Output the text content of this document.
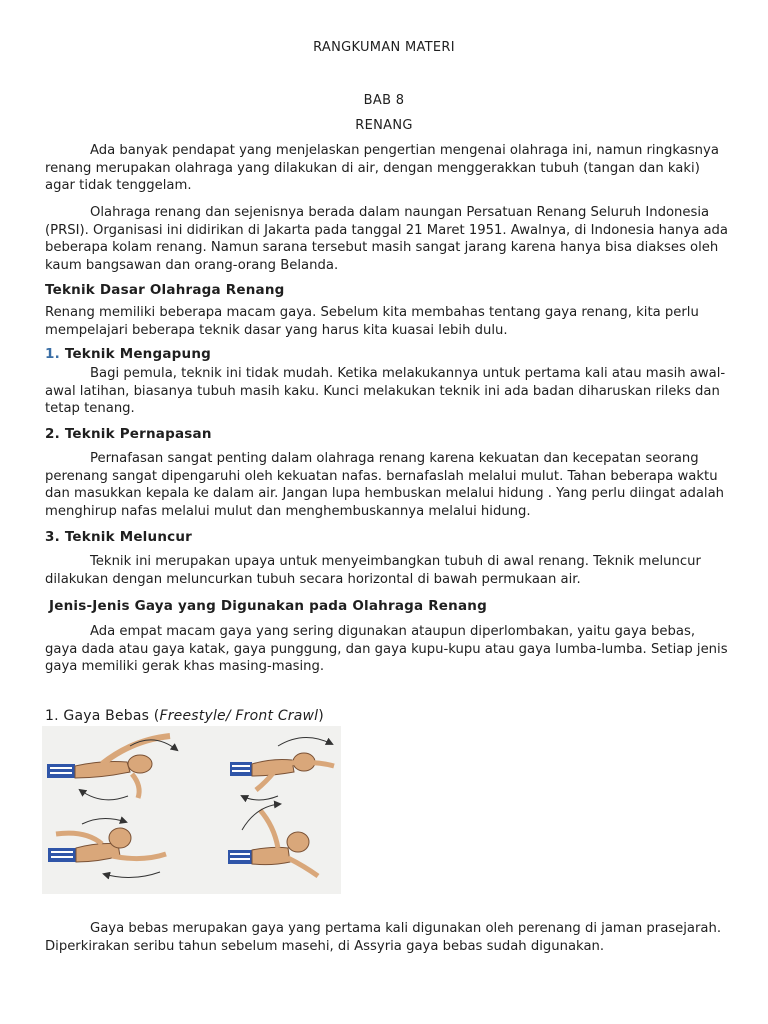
RANGKUMAN MATERI
BAB 8
RENANG
Ada banyak pendapat yang menjelaskan pengertian mengenai olahraga ini, namun ringkasnya renang merupakan olahraga yang dilakukan di air, dengan menggerakkan tubuh (tangan dan kaki) agar tidak tenggelam.
Olahraga renang dan sejenisnya berada dalam naungan Persatuan Renang Seluruh Indonesia (PRSI). Organisasi ini didirikan di Jakarta pada tanggal 21 Maret 1951. Awalnya, di Indonesia hanya ada beberapa kolam renang. Namun sarana tersebut masih sangat jarang karena hanya bisa diakses oleh kaum bangsawan dan orang-orang Belanda.
Teknik Dasar Olahraga Renang
Renang memiliki beberapa macam gaya. Sebelum kita membahas tentang gaya renang, kita perlu mempelajari beberapa teknik dasar yang harus kita kuasai lebih dulu.
1. Teknik Mengapung
Bagi pemula, teknik ini tidak mudah. Ketika melakukannya untuk pertama kali atau masih awal-awal latihan, biasanya tubuh masih kaku. Kunci melakukan teknik ini ada badan diharuskan rileks dan tetap tenang.
2. Teknik Pernapasan
Pernafasan sangat penting dalam olahraga renang karena kekuatan dan kecepatan seorang perenang sangat dipengaruhi oleh kekuatan nafas. bernafaslah melalui mulut. Tahan beberapa waktu dan masukkan kepala ke dalam air. Jangan lupa hembuskan melalui hidung . Yang perlu diingat adalah menghirup nafas melalui mulut dan menghembuskannya melalui hidung.
3. Teknik Meluncur
Teknik ini merupakan upaya untuk menyeimbangkan tubuh di awal renang. Teknik meluncur dilakukan dengan meluncurkan tubuh secara horizontal di bawah permukaan air.
Jenis-Jenis Gaya yang Digunakan pada Olahraga Renang
Ada empat macam gaya yang sering digunakan ataupun diperlombakan, yaitu gaya bebas, gaya dada atau gaya katak, gaya punggung, dan gaya kupu-kupu atau gaya lumba-lumba. Setiap jenis gaya memiliki gerak khas masing-masing.
1. Gaya Bebas (Freestyle/ Front Crawl)
Gaya bebas merupakan gaya yang pertama kali digunakan oleh perenang di jaman prasejarah. Diperkirakan seribu tahun sebelum masehi, di Assyria gaya bebas sudah digunakan.
